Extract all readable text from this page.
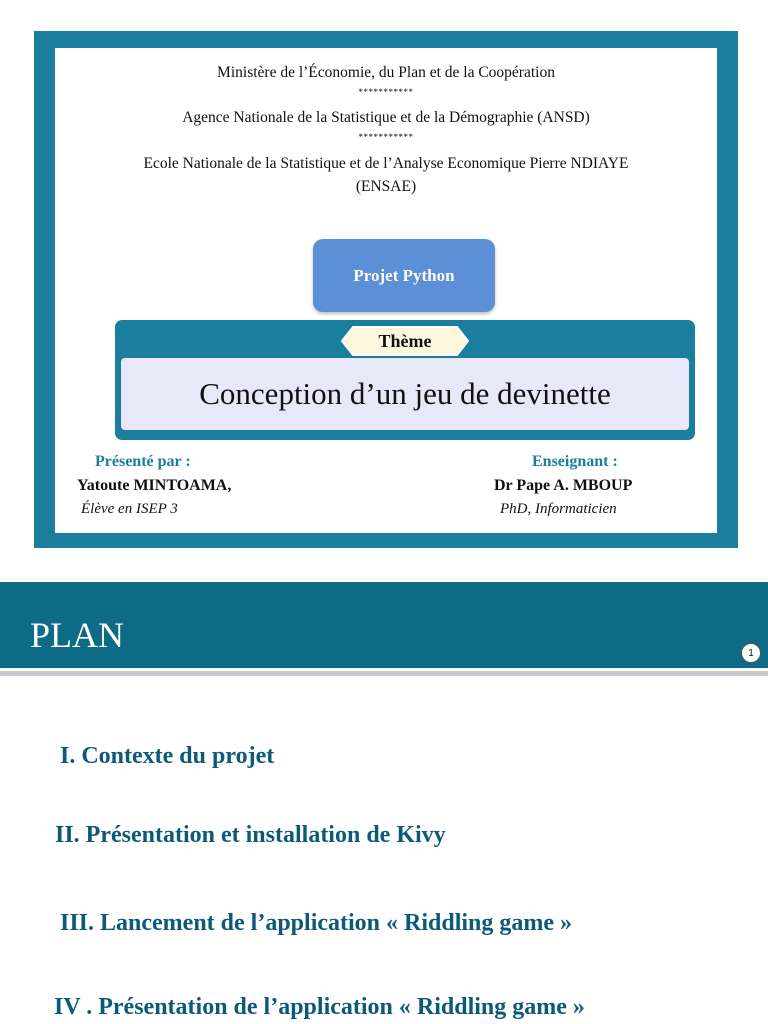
Ministère de l’Économie, du Plan et de la Coopération
***********
Agence Nationale de la Statistique et de la Démographie (ANSD)
***********
Ecole Nationale de la Statistique et de l’Analyse Economique Pierre NDIAYE
(ENSAE)
Projet Python
Thème
Conception d’un jeu de devinette
Présenté par :
Yatoute MINTOAMA,
Élève en ISEP 3
Enseignant :
Dr Pape A. MBOUP
PhD, Informaticien
PLAN	1
I. Contexte du projet
II. Présentation et installation de Kivy
III. Lancement de l’application « Riddling game »
IV . Présentation de l’application « Riddling game »
